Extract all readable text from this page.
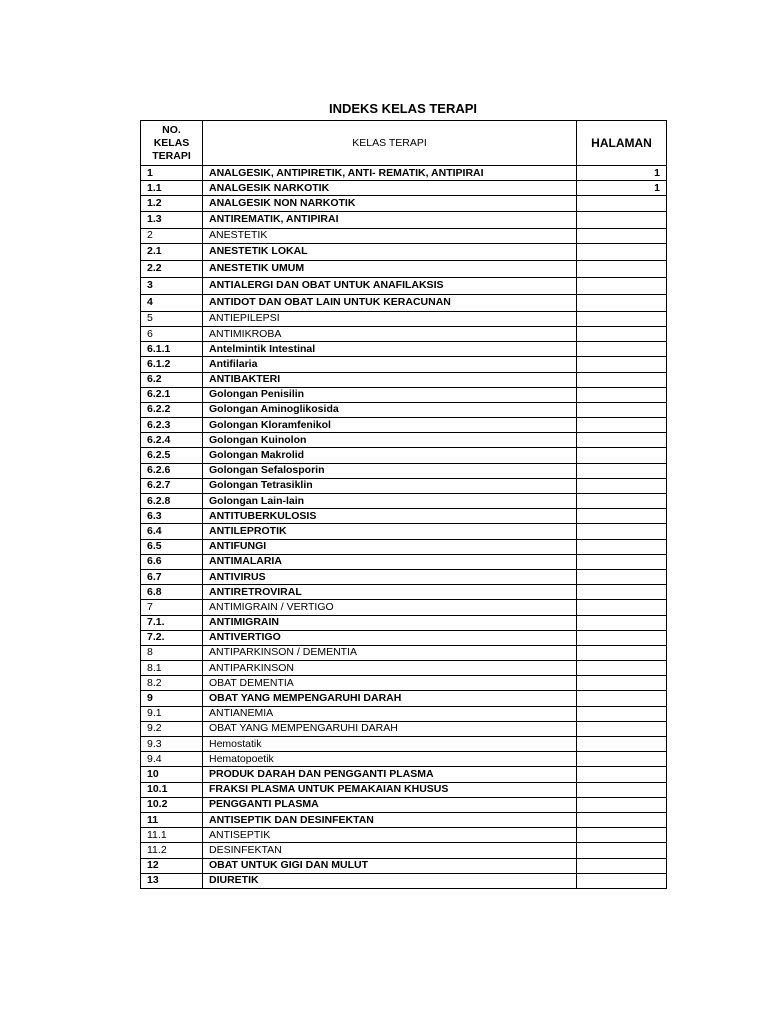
INDEKS KELAS TERAPI
NO.
KELAS
TERAPI	KELAS TERAPI	HALAMAN
1	ANALGESIK, ANTIPIRETIK, ANTI- REMATIK, ANTIPIRAI	1
1.1	ANALGESIK NARKOTIK	1
1.2	ANALGESIK NON NARKOTIK	
1.3	ANTIREMATIK, ANTIPIRAI	
2	ANESTETIK	
2.1	ANESTETIK LOKAL	
2.2	ANESTETIK UMUM	
3	ANTIALERGI DAN OBAT UNTUK ANAFILAKSIS	
4	ANTIDOT DAN OBAT LAIN UNTUK KERACUNAN	
5	ANTIEPILEPSI	
6	ANTIMIKROBA	
6.1.1	Antelmintik Intestinal	
6.1.2	Antifilaria	
6.2	ANTIBAKTERI	
6.2.1	Golongan Penisilin	
6.2.2	Golongan Aminoglikosida	
6.2.3	Golongan Kloramfenikol	
6.2.4	Golongan Kuinolon	
6.2.5	Golongan Makrolid	
6.2.6	Golongan Sefalosporin	
6.2.7	Golongan Tetrasiklin	
6.2.8	Golongan Lain-lain	
6.3	ANTITUBERKULOSIS	
6.4	ANTILEPROTIK	
6.5	ANTIFUNGI	
6.6	ANTIMALARIA	
6.7	ANTIVIRUS	
6.8	ANTIRETROVIRAL	
7	ANTIMIGRAIN / VERTIGO	
7.1.	ANTIMIGRAIN	
7.2.	ANTIVERTIGO	
8	ANTIPARKINSON / DEMENTIA	
8.1	ANTIPARKINSON	
8.2	OBAT DEMENTIA	
9	OBAT YANG MEMPENGARUHI DARAH	
9.1	ANTIANEMIA	
9.2	OBAT YANG MEMPENGARUHI DARAH	
9.3	Hemostatik	
9.4	Hematopoetik	
10	PRODUK DARAH DAN PENGGANTI PLASMA	
10.1	FRAKSI PLASMA UNTUK PEMAKAIAN KHUSUS	
10.2	PENGGANTI PLASMA	
11	ANTISEPTIK DAN DESINFEKTAN	
11.1	ANTISEPTIK	
11.2	DESINFEKTAN	
12	OBAT UNTUK GIGI DAN MULUT	
13	DIURETIK	
